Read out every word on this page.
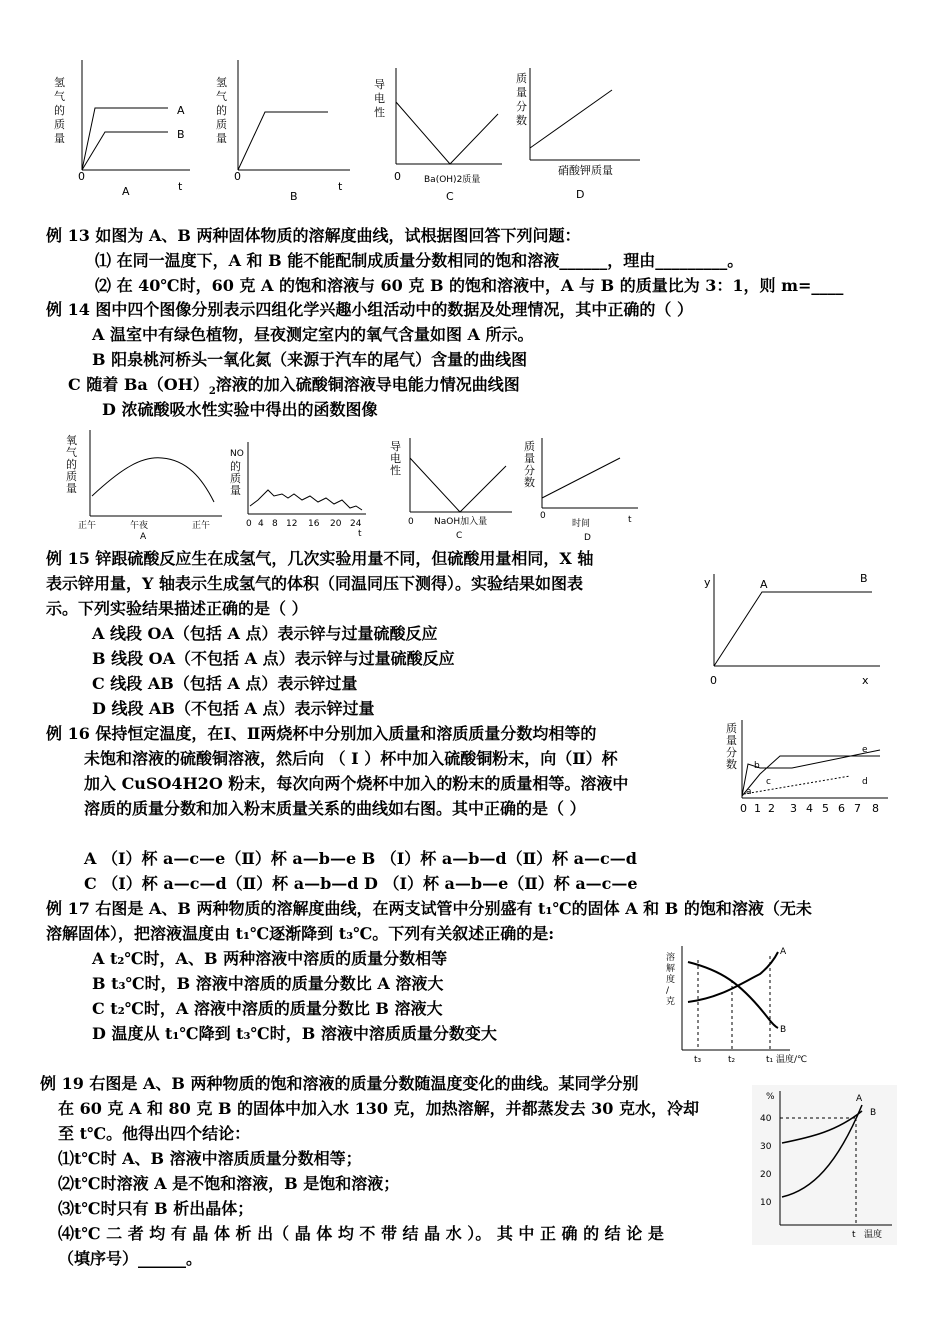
氢
气
的
质
量
A
B
0
t
A
氢
气
的
质
量
0
t
B
导
电
性
0	Ba(OH)2质量
C
质
量
分
数
硝酸钾质量
D
例 13 如图为 A、B 两种固体物质的溶解度曲线，试根据图回答下列问题：
⑴ 在同一温度下，A 和 B 能不能配制成质量分数相同的饱和溶液______，理由_________。
⑵ 在 40℃时，60 克 A 的饱和溶液与 60 克 B 的饱和溶液中，A 与 B 的质量比为 3：1，则 m=____
例 14 图中四个图像分别表示四组化学兴趣小组活动中的数据及处理情况，其中正确的（ ）
A 温室中有绿色植物，昼夜测定室内的氧气含量如图 A 所示。
B 阳泉桃河桥头一氧化氮（来源于汽车的尾气）含量的曲线图
C 随着 $Ba(OH)_2$溶液的加入硫酸铜溶液导电能力情况曲线图
D 浓硫酸吸水性实验中得出的函数图像
氧
气
的
质
量
正午	午夜	正午
A
NO
的
质
量
0 4 8 12 16 20 24
t
导
电
性
0 NaOH加入量
C
质
量
分
数
0
时间	t
D
例 15 锌跟硫酸反应生在成氢气，几次实验用量不同，但硫酸用量相同，X 轴
表示锌用量，Y 轴表示生成氢气的体积（同温同压下测得）。实验结果如图表
示。下列实验结果描述正确的是（ ）
A 线段 OA（包括 A 点）表示锌与过量硫酸反应
B 线段 OA（不包括 A 点）表示锌与过量硫酸反应
C 线段 AB（包括 A 点）表示锌过量
D 线段 AB（不包括 A 点）表示锌过量
y	A	B
0	x
例 16 保持恒定温度，在Ⅰ、Ⅱ两烧杯中分别加入质量和溶质质量分数均相等的
未饱和溶液的硫酸铜溶液，然后向 （ Ⅰ ）杯中加入硫酸铜粉末，向（Ⅱ）杯
加入 CuSO4H2O 粉末，每次向两个烧杯中加入的粉末的质量相等。溶液中
溶质的质量分数和加入粉末质量关系的曲线如右图。其中正确的是（ ）
A （Ⅰ）杯 a—c—e（Ⅱ）杯 a—b—e B （Ⅰ）杯 a—b—d（Ⅱ）杯 a—c—d
C （Ⅰ）杯 a—c—d（Ⅱ）杯 a—b—d D （Ⅰ）杯 a—b—e（Ⅱ）杯 a—c—e
质
量
分
数
a
b
c	d
e
0 1 2 3 4 5 6 7 8
例 17 右图是 A、B 两种物质的溶解度曲线，在两支试管中分别盛有 t₁℃的固体 A 和 B 的饱和溶液（无未
溶解固体），把溶液温度由 t₁℃逐渐降到 t₃℃。下列有关叙述正确的是:
A t₂℃时，A、B 两种溶液中溶质的质量分数相等
B t₃℃时，B 溶液中溶质的质量分数比 A 溶液大
C t₂℃时，A 溶液中溶质的质量分数比 B 溶液大
D 温度从 t₁℃降到 t₃℃时，B 溶液中溶质质量分数变大
溶
解
度
/
克
A
B
t₃	t₂	t₁ 温度/℃
例 19 右图是 A、B 两种物质的饱和溶液的质量分数随温度变化的曲线。某同学分别
在 60 克 A 和 80 克 B 的固体中加入水 130 克，加热溶解，并都蒸发去 30 克水，冷却
至 t℃。他得出四个结论：
⑴t℃时 A、B 溶液中溶质质量分数相等；
⑵t℃时溶液 A 是不饱和溶液，B 是饱和溶液；
⑶t℃时只有 B 析出晶体；
⑷t℃ 二 者 均 有 晶 体 析 出（ 晶 体 均 不 带 结 晶 水 ）。 其 中 正 确 的 结 论 是
（填序号）______。
%
40
30
20
10
A
B
t 温度
